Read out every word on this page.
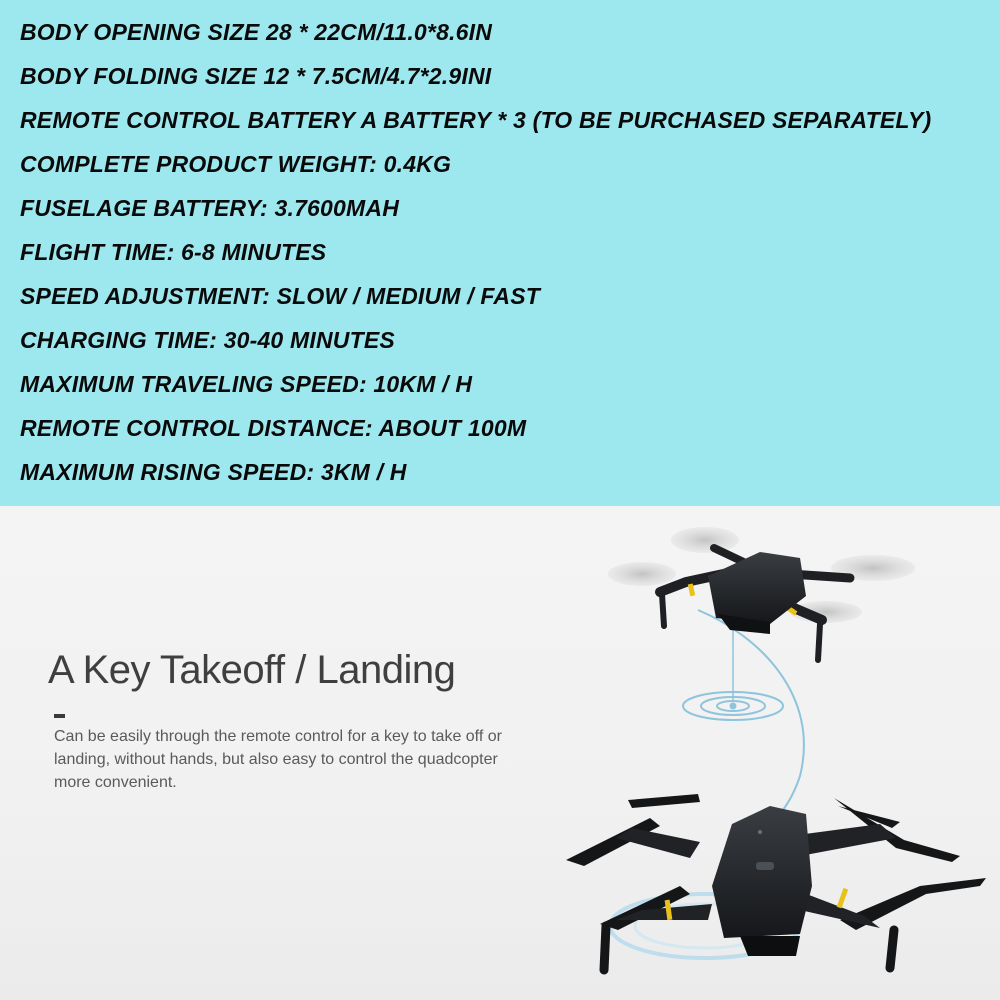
BODY OPENING SIZE 28 * 22CM/11.0*8.6IN
BODY FOLDING SIZE 12 * 7.5CM/4.7*2.9INI
REMOTE CONTROL BATTERY A BATTERY * 3 (TO BE PURCHASED SEPARATELY)
COMPLETE PRODUCT WEIGHT: 0.4KG
FUSELAGE BATTERY: 3.7600MAH
FLIGHT TIME: 6-8 MINUTES
SPEED ADJUSTMENT: SLOW / MEDIUM / FAST
CHARGING TIME: 30-40 MINUTES
MAXIMUM TRAVELING SPEED: 10KM / H
REMOTE CONTROL DISTANCE: ABOUT 100M
MAXIMUM RISING SPEED: 3KM / H
A Key Takeoff / Landing
Can be easily through the remote control for a key to take off or landing, without hands, but also easy to control the quadcopter more convenient.
